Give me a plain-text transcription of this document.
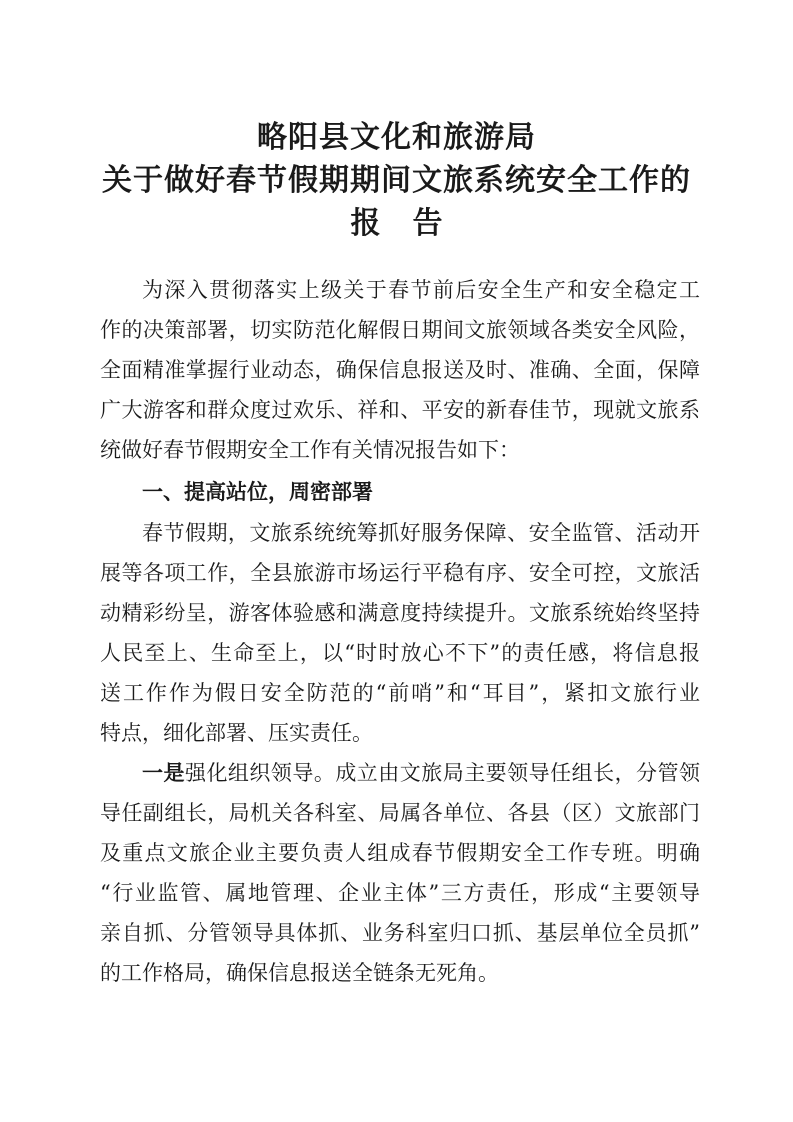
略阳县文化和旅游局
关于做好春节假期期间文旅系统安全工作的
报 告
为深入贯彻落实上级关于春节前后安全生产和安全稳定工
作的决策部署，切实防范化解假日期间文旅领域各类安全风险，
全面精准掌握行业动态，确保信息报送及时、准确、全面，保障
广大游客和群众度过欢乐、祥和、平安的新春佳节，现就文旅系
统做好春节假期安全工作有关情况报告如下：
一、提高站位，周密部署
春节假期，文旅系统统筹抓好服务保障、安全监管、活动开
展等各项工作，全县旅游市场运行平稳有序、安全可控，文旅活
动精彩纷呈，游客体验感和满意度持续提升。文旅系统始终坚持
人民至上、生命至上，以“时时放心不下”的责任感，将信息报
送工作作为假日安全防范的“前哨”和“耳目”，紧扣文旅行业
特点，细化部署、压实责任。
一是强化组织领导。成立由文旅局主要领导任组长，分管领
导任副组长，局机关各科室、局属各单位、各县（区）文旅部门
及重点文旅企业主要负责人组成春节假期安全工作专班。明确
“行业监管、属地管理、企业主体”三方责任，形成“主要领导
亲自抓、分管领导具体抓、业务科室归口抓、基层单位全员抓”
的工作格局，确保信息报送全链条无死角。
